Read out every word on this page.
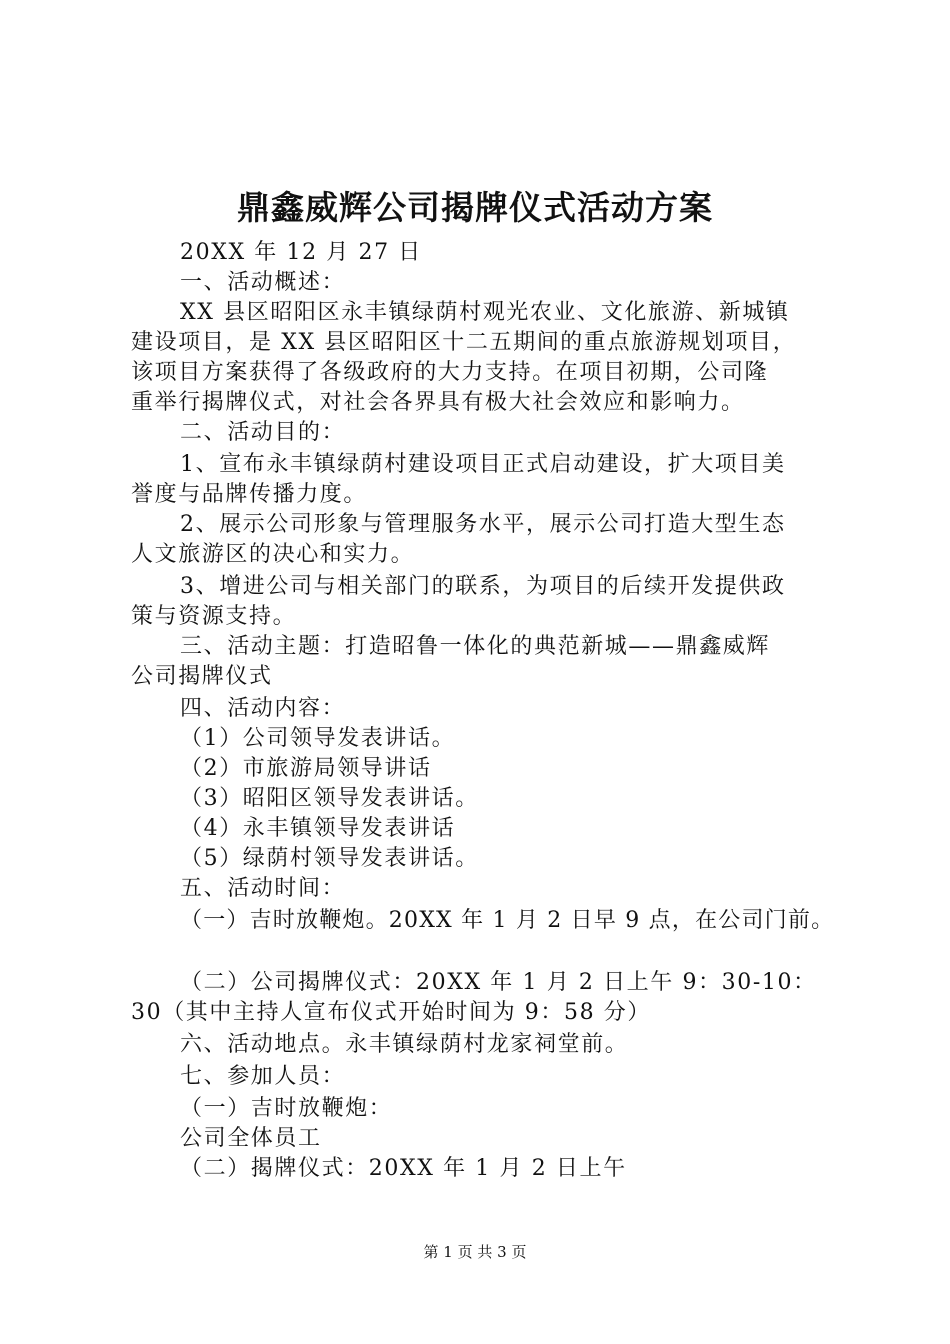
鼎鑫威辉公司揭牌仪式活动方案
20XX 年 12 月 27 日
一、活动概述：
XX 县区昭阳区永丰镇绿荫村观光农业、文化旅游、新城镇
建设项目，是 XX 县区昭阳区十二五期间的重点旅游规划项目，
该项目方案获得了各级政府的大力支持。在项目初期，公司隆
重举行揭牌仪式，对社会各界具有极大社会效应和影响力。
二、活动目的：
1、宣布永丰镇绿荫村建设项目正式启动建设，扩大项目美
誉度与品牌传播力度。
2、展示公司形象与管理服务水平，展示公司打造大型生态
人文旅游区的决心和实力。
3、增进公司与相关部门的联系，为项目的后续开发提供政
策与资源支持。
三、活动主题：打造昭鲁一体化的典范新城——鼎鑫威辉
公司揭牌仪式
四、活动内容：
（1）公司领导发表讲话。
（2）市旅游局领导讲话
（3）昭阳区领导发表讲话。
（4）永丰镇领导发表讲话
（5）绿荫村领导发表讲话。
五、活动时间：
（一）吉时放鞭炮。20XX 年 1 月 2 日早 9 点，在公司门前。
（二）公司揭牌仪式：20XX 年 1 月 2 日上午 9：30-10：
30（其中主持人宣布仪式开始时间为 9：58 分）
六、活动地点。永丰镇绿荫村龙家祠堂前。
七、参加人员：
（一）吉时放鞭炮：
公司全体员工
（二）揭牌仪式：20XX 年 1 月 2 日上午
第 1 页 共 3 页
